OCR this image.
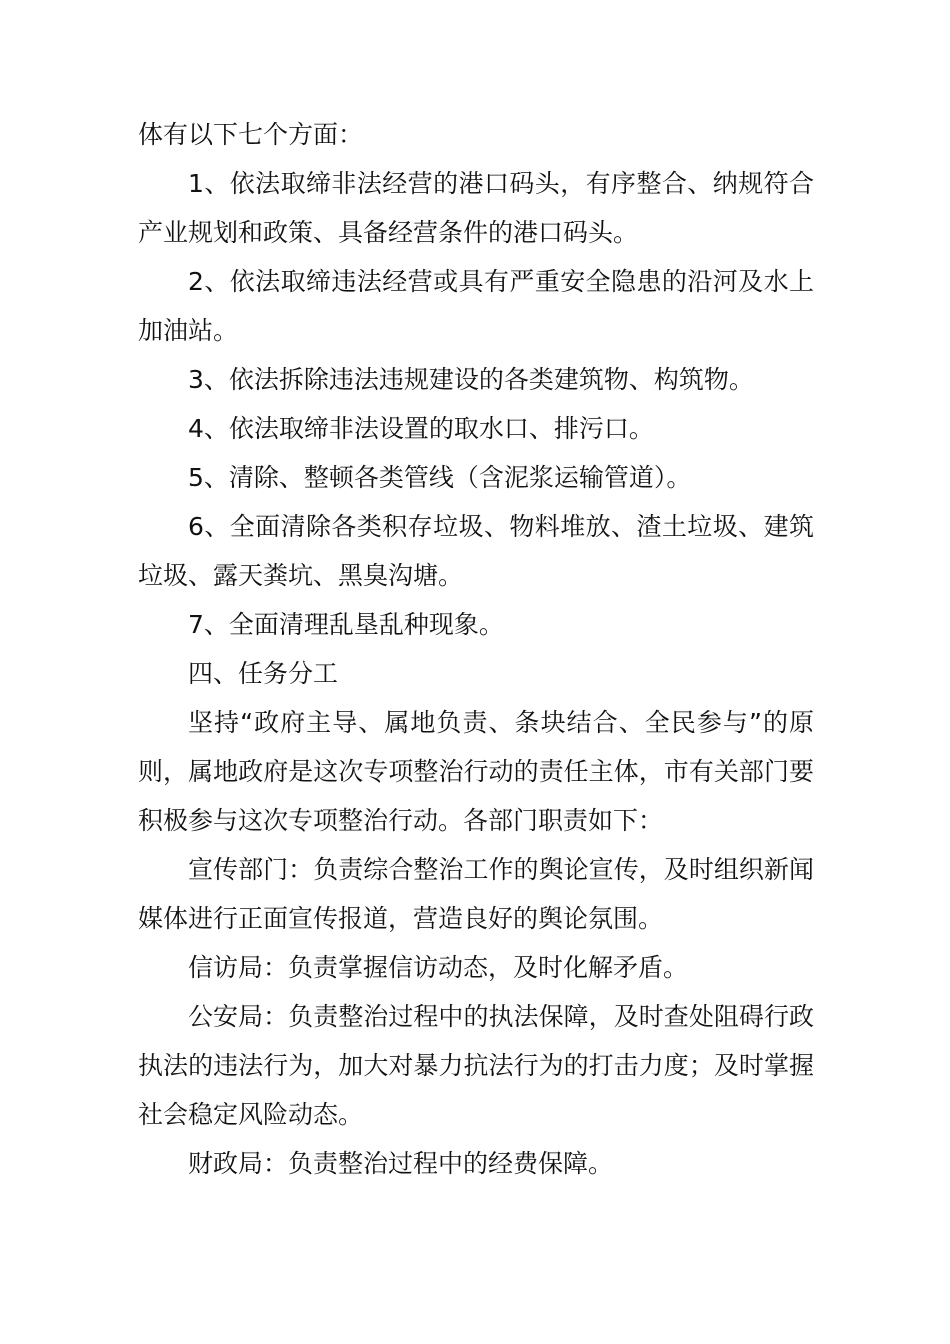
体有以下七个方面：

1、依法取缔非法经营的港口码头，有序整合、纳规符合产业规划和政策、具备经营条件的港口码头。

2、依法取缔违法经营或具有严重安全隐患的沿河及水上加油站。

3、依法拆除违法违规建设的各类建筑物、构筑物。

4、依法取缔非法设置的取水口、排污口。

5、清除、整顿各类管线（含泥浆运输管道）。

6、全面清除各类积存垃圾、物料堆放、渣土垃圾、建筑垃圾、露天粪坑、黑臭沟塘。

7、全面清理乱垦乱种现象。

四、任务分工

坚持“政府主导、属地负责、条块结合、全民参与”的原则，属地政府是这次专项整治行动的责任主体，市有关部门要积极参与这次专项整治行动。各部门职责如下：

宣传部门：负责综合整治工作的舆论宣传，及时组织新闻媒体进行正面宣传报道，营造良好的舆论氛围。

信访局：负责掌握信访动态，及时化解矛盾。

公安局：负责整治过程中的执法保障，及时查处阻碍行政执法的违法行为，加大对暴力抗法行为的打击力度；及时掌握社会稳定风险动态。

财政局：负责整治过程中的经费保障。
